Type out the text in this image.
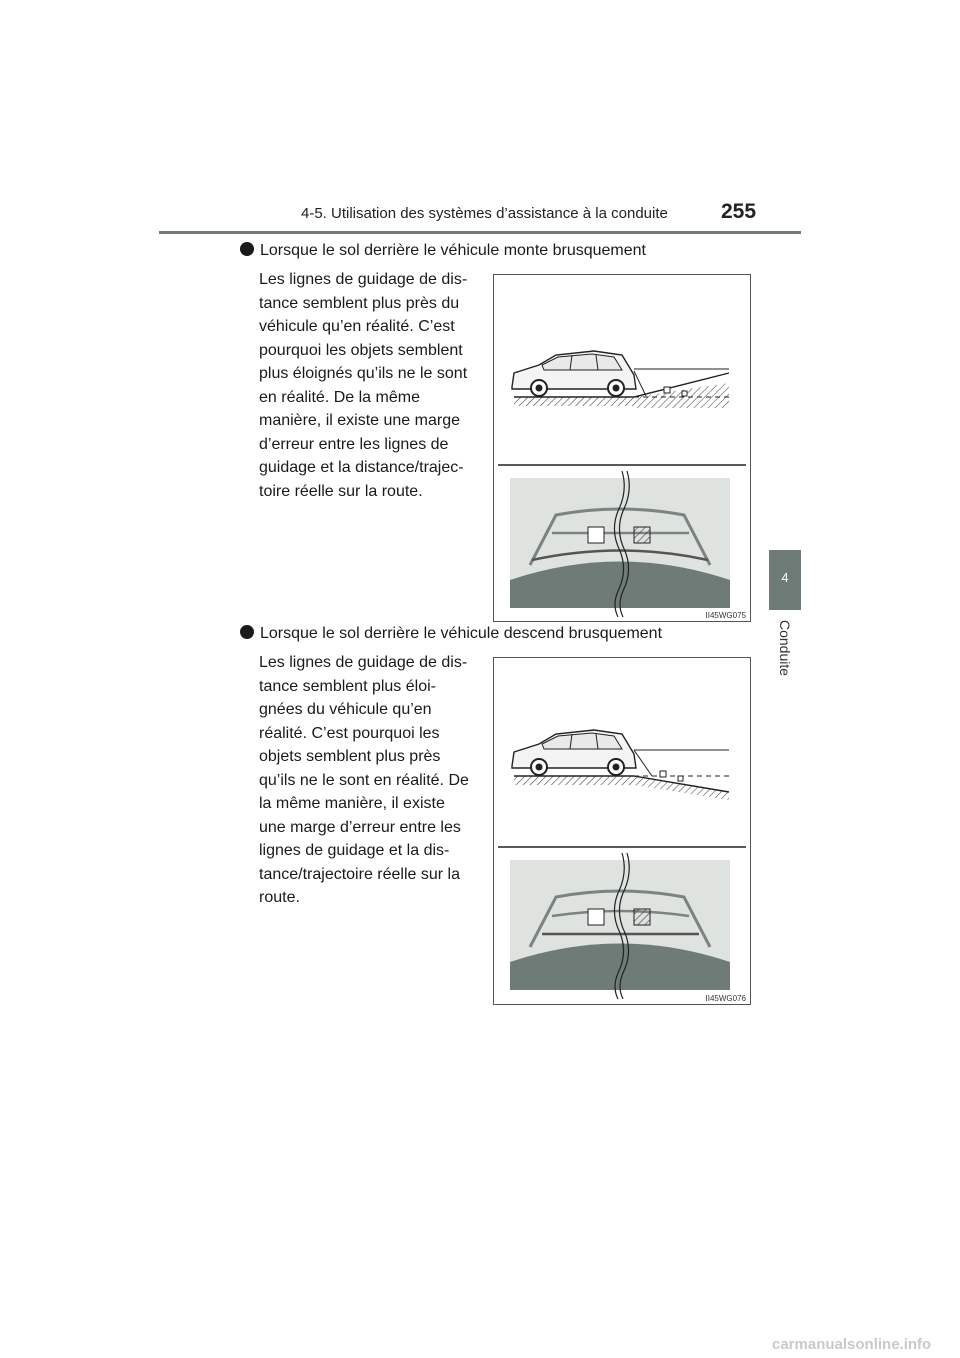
4-5. Utilisation des systèmes d’assistance à la conduite	255
4
Conduite
Lorsque le sol derrière le véhicule monte brusquement
Les lignes de guidage de dis-
tance semblent plus près du
véhicule qu’en réalité. C’est
pourquoi les objets semblent
plus éloignés qu’ils ne le sont
en réalité. De la même
manière, il existe une marge
d’erreur entre les lignes de
guidage et la distance/trajec-
toire réelle sur la route.
II45WG075
Lorsque le sol derrière le véhicule descend brusquement
Les lignes de guidage de dis-
tance semblent plus éloi-
gnées du véhicule qu’en
réalité. C’est pourquoi les
objets semblent plus près
qu’ils ne le sont en réalité. De
la même manière, il existe
une marge d’erreur entre les
lignes de guidage et la dis-
tance/trajectoire réelle sur la
route.
II45WG076
carmanualsonline.info
